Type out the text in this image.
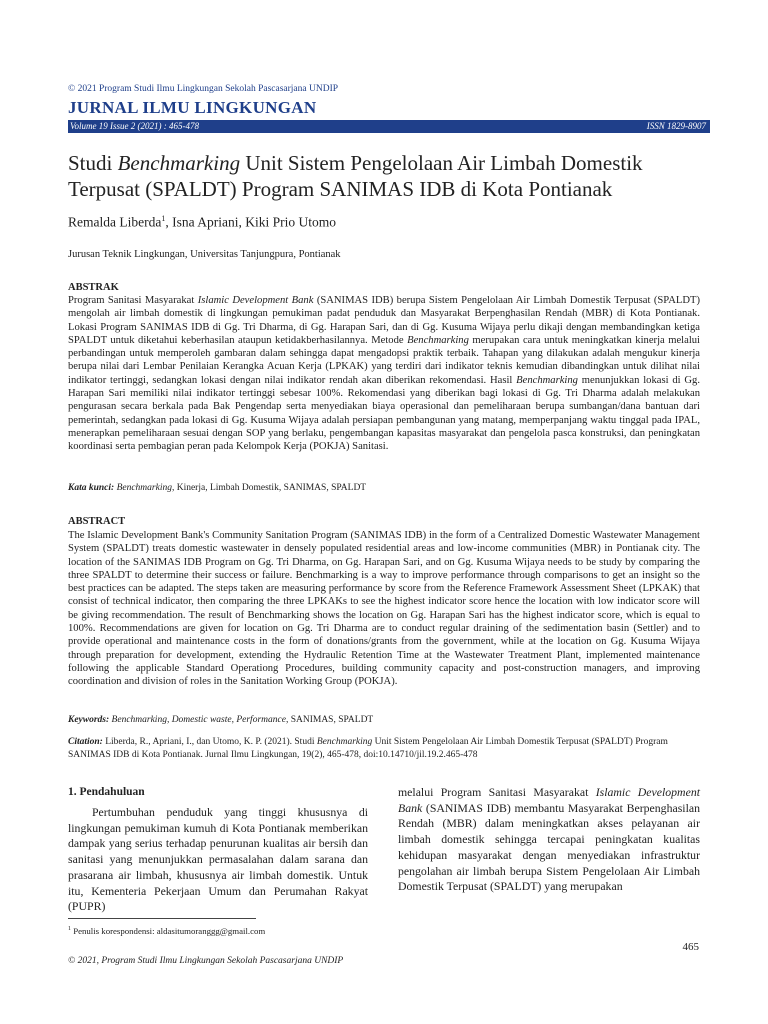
© 2021 Program Studi Ilmu Lingkungan Sekolah Pascasarjana UNDIP
JURNAL ILMU LINGKUNGAN
Volume 19 Issue 2 (2021) : 465-478	ISSN 1829-8907
Studi Benchmarking Unit Sistem Pengelolaan Air Limbah Domestik Terpusat (SPALDT) Program SANIMAS IDB di Kota Pontianak
Remalda Liberda$^1$, Isna Apriani, Kiki Prio Utomo
Jurusan Teknik Lingkungan, Universitas Tanjungpura, Pontianak
ABSTRAK
Program Sanitasi Masyarakat Islamic Development Bank (SANIMAS IDB) berupa Sistem Pengelolaan Air Limbah Domestik Terpusat (SPALDT) mengolah air limbah domestik di lingkungan pemukiman padat penduduk dan Masyarakat Berpenghasilan Rendah (MBR) di Kota Pontianak. Lokasi Program SANIMAS IDB di Gg. Tri Dharma, di Gg. Harapan Sari, dan di Gg. Kusuma Wijaya perlu dikaji dengan membandingkan ketiga SPALDT untuk diketahui keberhasilan ataupun ketidakberhasilannya. Metode Benchmarking merupakan cara untuk meningkatkan kinerja melalui perbandingan untuk memperoleh gambaran dalam sehingga dapat mengadopsi praktik terbaik. Tahapan yang dilakukan adalah mengukur kinerja berupa nilai dari Lembar Penilaian Kerangka Acuan Kerja (LPKAK) yang terdiri dari indikator teknis kemudian dibandingkan untuk dilihat nilai indikator tertinggi, sedangkan lokasi dengan nilai indikator rendah akan diberikan rekomendasi. Hasil Benchmarking menunjukkan lokasi di Gg. Harapan Sari memiliki nilai indikator tertinggi sebesar 100%. Rekomendasi yang diberikan bagi lokasi di Gg. Tri Dharma adalah melakukan pengurasan secara berkala pada Bak Pengendap serta menyediakan biaya operasional dan pemeliharaan berupa sumbangan/dana bantuan dari pemerintah, sedangkan pada lokasi di Gg. Kusuma Wijaya adalah persiapan pembangunan yang matang, memperpanjang waktu tinggal pada IPAL, menerapkan pemeliharaan sesuai dengan SOP yang berlaku, pengembangan kapasitas masyarakat dan pengelola pasca konstruksi, dan peningkatan koordinasi serta pembagian peran pada Kelompok Kerja (POKJA) Sanitasi.
Kata kunci: Benchmarking, Kinerja, Limbah Domestik, SANIMAS, SPALDT
ABSTRACT
The Islamic Development Bank's Community Sanitation Program (SANIMAS IDB) in the form of a Centralized Domestic Wastewater Management System (SPALDT) treats domestic wastewater in densely populated residential areas and low-income communities (MBR) in Pontianak city. The location of the SANIMAS IDB Program on Gg. Tri Dharma, on Gg. Harapan Sari, and on Gg. Kusuma Wijaya needs to be study by comparing the three SPALDT to determine their success or failure. Benchmarking is a way to improve performance through comparisons to get an insight so the best practices can be adapted. The steps taken are measuring performance by score from the Reference Framework Assessment Sheet (LPKAK) that consist of technical indicator, then comparing the three LPKAKs to see the highest indicator score hence the location with low indicator score will be giving recommendation. The result of Benchmarking shows the location on Gg. Harapan Sari has the highest indicator score, which is equal to 100%. Recommendations are given for location on Gg. Tri Dharma are to conduct regular draining of the sedimentation basin (Settler) and to provide operational and maintenance costs in the form of donations/grants from the government, while at the location on Gg. Kusuma Wijaya through preparation for development, extending the Hydraulic Retention Time at the Wastewater Treatment Plant, implemented maintenance following the applicable Standard Operationg Procedures, building community capacity and post-construction managers, and improving coordination and division of roles in the Sanitation Working Group (POKJA).
Keywords: Benchmarking, Domestic waste, Performance, SANIMAS, SPALDT
Citation: Liberda, R., Apriani, I., dan Utomo, K. P. (2021). Studi Benchmarking Unit Sistem Pengelolaan Air Limbah Domestik Terpusat (SPALDT) Program SANIMAS IDB di Kota Pontianak. Jurnal Ilmu Lingkungan, 19(2), 465-478, doi:10.14710/jil.19.2.465-478
1. Pendahuluan
Pertumbuhan penduduk yang tinggi khususnya di lingkungan pemukiman kumuh di Kota Pontianak memberikan dampak yang serius terhadap penurunan kualitas air bersih dan sanitasi yang menunjukkan permasalahan dalam sarana dan prasarana air limbah, khususnya air limbah domestik. Untuk itu, Kementeria Pekerjaan Umum dan Perumahan Rakyat (PUPR)
melalui Program Sanitasi Masyarakat Islamic Development Bank (SANIMAS IDB) membantu Masyarakat Berpenghasilan Rendah (MBR) dalam meningkatkan akses pelayanan air limbah domestik sehingga tercapai peningkatan kualitas kehidupan masyarakat dengan menyediakan infrastruktur pengolahan air limbah berupa Sistem Pengelolaan Air Limbah Domestik Terpusat (SPALDT) yang merupakan
$^1$ Penulis korespondensi: aldasitumoranggg@gmail.com
465
© 2021, Program Studi Ilmu Lingkungan Sekolah Pascasarjana UNDIP
